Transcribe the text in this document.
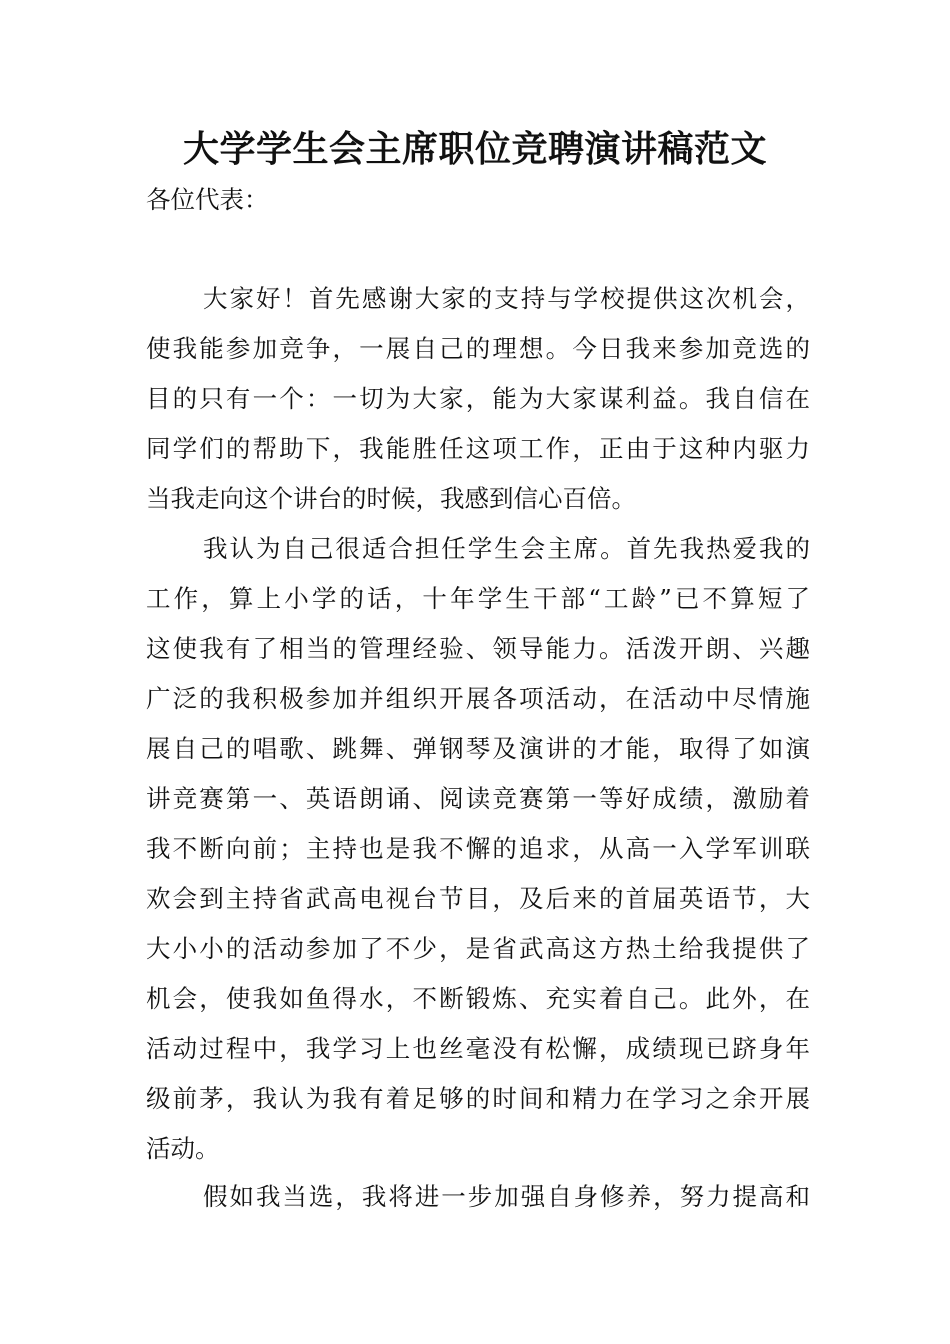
大学学生会主席职位竞聘演讲稿范文
各位代表：
大家好！首先感谢大家的支持与学校提供这次机会，
使我能参加竞争，一展自己的理想。今日我来参加竞选的
目的只有一个：一切为大家，能为大家谋利益。我自信在
同学们的帮助下，我能胜任这项工作，正由于这种内驱力
当我走向这个讲台的时候，我感到信心百倍。
我认为自己很适合担任学生会主席。首先我热爱我的
工作，算上小学的话，十年学生干部“工龄”已不算短了
这使我有了相当的管理经验、领导能力。活泼开朗、兴趣
广泛的我积极参加并组织开展各项活动，在活动中尽情施
展自己的唱歌、跳舞、弹钢琴及演讲的才能，取得了如演
讲竞赛第一、英语朗诵、阅读竞赛第一等好成绩，激励着
我不断向前；主持也是我不懈的追求，从高一入学军训联
欢会到主持省武高电视台节目，及后来的首届英语节，大
大小小的活动参加了不少，是省武高这方热土给我提供了
机会，使我如鱼得水，不断锻炼、充实着自己。此外，在
活动过程中，我学习上也丝毫没有松懈，成绩现已跻身年
级前茅，我认为我有着足够的时间和精力在学习之余开展
活动。
假如我当选，我将进一步加强自身修养，努力提高和
